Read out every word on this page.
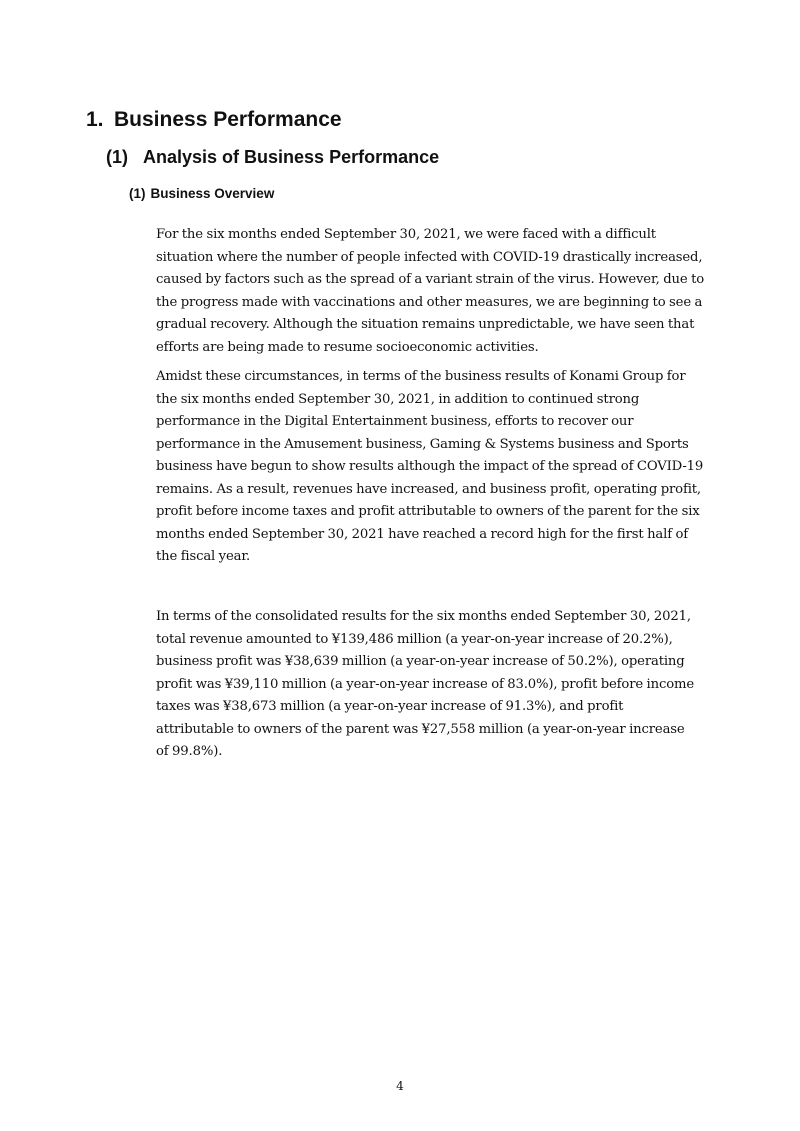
1. Business Performance
(1) Analysis of Business Performance
(1) Business Overview

For the six months ended September 30, 2021, we were faced with a difficult
situation where the number of people infected with COVID-19 drastically increased,
caused by factors such as the spread of a variant strain of the virus. However, due to
the progress made with vaccinations and other measures, we are beginning to see a
gradual recovery. Although the situation remains unpredictable, we have seen that
efforts are being made to resume socioeconomic activities.

Amidst these circumstances, in terms of the business results of Konami Group for
the six months ended September 30, 2021, in addition to continued strong
performance in the Digital Entertainment business, efforts to recover our
performance in the Amusement business, Gaming & Systems business and Sports
business have begun to show results although the impact of the spread of COVID-19
remains. As a result, revenues have increased, and business profit, operating profit,
profit before income taxes and profit attributable to owners of the parent for the six
months ended September 30, 2021 have reached a record high for the first half of
the fiscal year.

In terms of the consolidated results for the six months ended September 30, 2021,
total revenue amounted to ¥139,486 million (a year-on-year increase of 20.2%),
business profit was ¥38,639 million (a year-on-year increase of 50.2%), operating
profit was ¥39,110 million (a year-on-year increase of 83.0%), profit before income
taxes was ¥38,673 million (a year-on-year increase of 91.3%), and profit
attributable to owners of the parent was ¥27,558 million (a year-on-year increase
of 99.8%).

4
